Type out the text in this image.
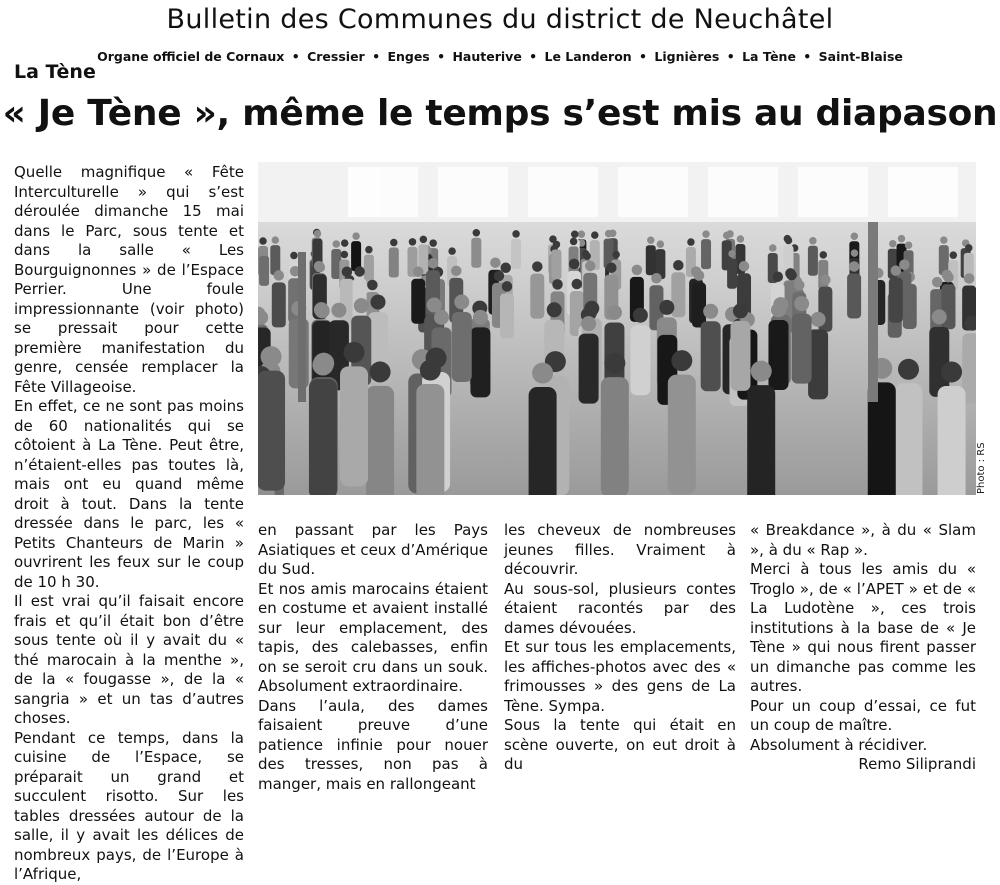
Bulletin des Communes du district de Neuchâtel
Organe officiel de Cornaux • Cressier • Enges • Hauterive • Le Landeron • Lignières • La Tène • Saint-Blaise
La Tène
« Je Tène », même le temps s’est mis au diapason
Photo : RS

Quelle magnifique « Fête Interculturelle » qui s’est déroulée dimanche 15 mai dans le Parc, sous tente et dans la salle « Les Bourguignonnes » de l’Espace Perrier. Une foule impressionnante (voir photo) se pressait pour cette première manifestation du genre, censée remplacer la Fête Villageoise.

En effet, ce ne sont pas moins de 60 nationalités qui se côtoient à La Tène. Peut être, n’étaient-elles pas toutes là, mais ont eu quand même droit à tout. Dans la tente dressée dans le parc, les « Petits Chanteurs de Marin » ouvrirent les feux sur le coup de 10 h 30.

Il est vrai qu’il faisait encore frais et qu’il était bon d’être sous tente où il y avait du « thé marocain à la menthe », de la « fougasse », de la « sangria » et un tas d’autres choses.

Pendant ce temps, dans la cuisine de l’Espace, se préparait un grand et succulent risotto. Sur les tables dressées autour de la salle, il y avait les délices de nombreux pays, de l’Europe à l’Afrique,

en passant par les Pays Asiatiques et ceux d’Amérique du Sud.

Et nos amis marocains étaient en costume et avaient installé sur leur emplacement, des tapis, des calebasses, enfin on se seroit cru dans un souk. Absolument extraordinaire.

Dans l’aula, des dames faisaient preuve d’une patience infinie pour nouer des tresses, non pas à manger, mais en rallongeant

les cheveux de nombreuses jeunes filles. Vraiment à découvrir.

Au sous-sol, plusieurs contes étaient racontés par des dames dévouées.

Et sur tous les emplacements, les affiches-photos avec des « frimousses » des gens de La Tène. Sympa.

Sous la tente qui était en scène ouverte, on eut droit à du

« Breakdance », à du « Slam », à du « Rap ».

Merci à tous les amis du « Troglo », de « l’APET » et de « La Ludotène », ces trois institutions à la base de « Je Tène » qui nous firent passer un dimanche pas comme les autres.

Pour un coup d’essai, ce fut un coup de maître.

Absolument à récidiver.

Remo Siliprandi
